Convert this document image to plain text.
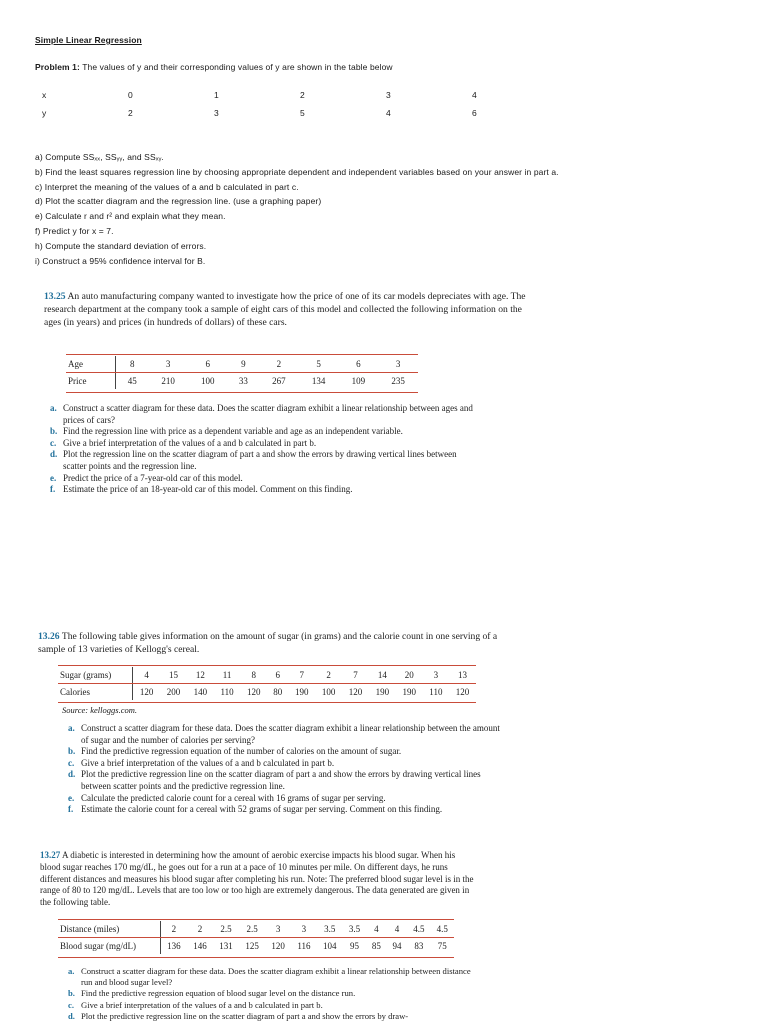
Simple Linear Regression
Problem 1: The values of y and their corresponding values of y are shown in the table below
x	0	1	2	3	4
y	2	3	5	4	6
a) Compute SSₓₓ, SSᵧᵧ, and SSₓᵧ.
b) Find the least squares regression line by choosing appropriate dependent and independent variables based on your answer in part a.
c) Interpret the meaning of the values of a and b calculated in part c.
d) Plot the scatter diagram and the regression line. (use a graphing paper)
e) Calculate r and r² and explain what they mean.
f) Predict y for x = 7.
h) Compute the standard deviation of errors.
i) Construct a 95% confidence interval for B.
13.25 An auto manufacturing company wanted to investigate how the price of one of its car models depreciates with age. The research department at the company took a sample of eight cars of this model and collected the following information on the ages (in years) and prices (in hundreds of dollars) of these cars.
Age	8	3	6	9	2	5	6	3
Price	45	210	100	33	267	134	109	235
a. Construct a scatter diagram for these data. Does the scatter diagram exhibit a linear relationship between ages and prices of cars?
b. Find the regression line with price as a dependent variable and age as an independent variable.
c. Give a brief interpretation of the values of a and b calculated in part b.
d. Plot the regression line on the scatter diagram of part a and show the errors by drawing vertical lines between scatter points and the regression line.
e. Predict the price of a 7-year-old car of this model.
f. Estimate the price of an 18-year-old car of this model. Comment on this finding.
13.26 The following table gives information on the amount of sugar (in grams) and the calorie count in one serving of a sample of 13 varieties of Kellogg's cereal.
Sugar (grams)	4	15	12	11	8	6	7	2	7	14	20	3	13
Calories	120	200	140	110	120	80	190	100	120	190	190	110	120
Source: kelloggs.com.
a. Construct a scatter diagram for these data. Does the scatter diagram exhibit a linear relationship between the amount of sugar and the number of calories per serving?
b. Find the predictive regression equation of the number of calories on the amount of sugar.
c. Give a brief interpretation of the values of a and b calculated in part b.
d. Plot the predictive regression line on the scatter diagram of part a and show the errors by drawing vertical lines between scatter points and the predictive regression line.
e. Calculate the predicted calorie count for a cereal with 16 grams of sugar per serving.
f. Estimate the calorie count for a cereal with 52 grams of sugar per serving. Comment on this finding.
13.27 A diabetic is interested in determining how the amount of aerobic exercise impacts his blood sugar. When his blood sugar reaches 170 mg/dL, he goes out for a run at a pace of 10 minutes per mile. On different days, he runs different distances and measures his blood sugar after completing his run. Note: The preferred blood sugar level is in the range of 80 to 120 mg/dL. Levels that are too low or too high are extremely dangerous. The data generated are given in the following table.
Distance (miles)	2	2	2.5	2.5	3	3	3.5	3.5	4	4	4.5	4.5
Blood sugar (mg/dL)	136	146	131	125	120	116	104	95	85	94	83	75
a. Construct a scatter diagram for these data. Does the scatter diagram exhibit a linear relationship between distance run and blood sugar level?
b. Find the predictive regression equation of blood sugar level on the distance run.
c. Give a brief interpretation of the values of a and b calculated in part b.
d. Plot the predictive regression line on the scatter diagram of part a and show the errors by draw-
